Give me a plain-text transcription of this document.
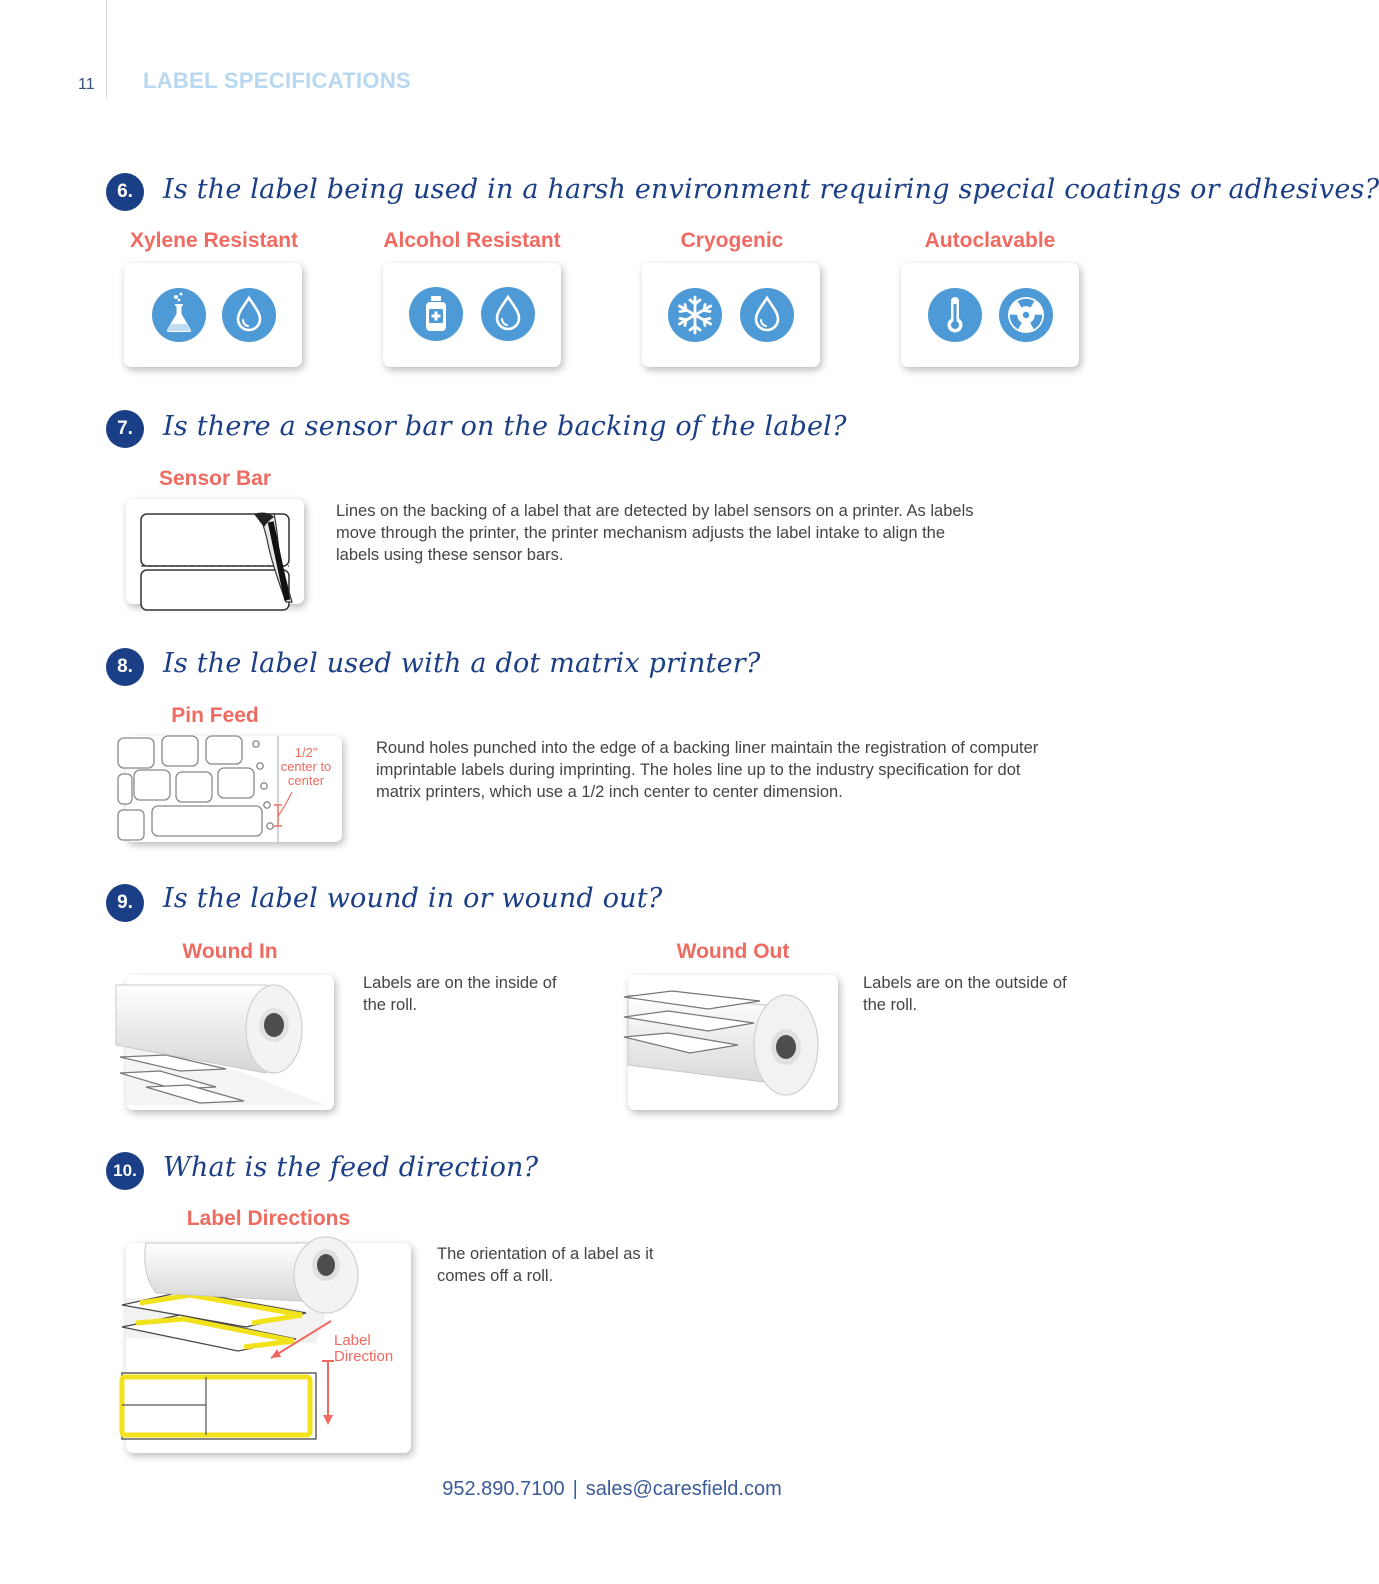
11 LABEL SPECIFICATIONS
6.	Is the label being used in a harsh environment requiring special coatings or adhesives?
Xylene Resistant	Alcohol Resistant	Cryogenic	Autoclavable
7.	Is there a sensor bar on the backing of the label?
Sensor Bar
Lines on the backing of a label that are detected by label sensors on a printer. As labels move through the printer, the printer mechanism adjusts the label intake to align the labels using these sensor bars.
8.	Is the label used with a dot matrix printer?
Pin Feed
1/2”
center to
center
Round holes punched into the edge of a backing liner maintain the registration of computer imprintable labels during imprinting. The holes line up to the industry specification for dot matrix printers, which use a 1/2 inch center to center dimension.
9.	Is the label wound in or wound out?
Wound In
Labels are on the inside of the roll.
Wound Out
Labels are on the outside of the roll.
10. What is the feed direction?
Label Directions
Label
Direction
The orientation of a label as it comes off a roll.
952.890.7100 | sales@caresfield.com
